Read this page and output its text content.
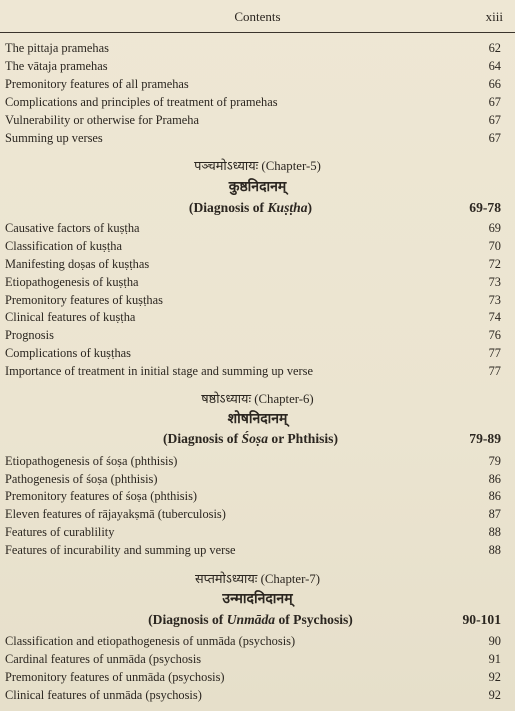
Contents	xiii
The pittaja pramehas	62
The vātaja pramehas	64
Premonitory features of all pramehas	66
Complications and principles of treatment of pramehas	67
Vulnerability or otherwise for Prameha	67
Summing up verses	67
पञ्चमोऽध्यायः (Chapter-5)
कुष्ठनिदानम्
(Diagnosis of Kuṣṭha)	69-78
Causative factors of kuṣṭha	69
Classification of kuṣṭha	70
Manifesting doṣas of kuṣṭhas	72
Etiopathogenesis of kuṣṭha	73
Premonitory features of kuṣṭhas	73
Clinical features of kuṣṭha	74
Prognosis	76
Complications of kuṣṭhas	77
Importance of treatment in initial stage and summing up verse	77
षष्ठोऽध्यायः (Chapter-6)
शोषनिदानम्
(Diagnosis of Śoṣa or Phthisis)	79-89
Etiopathogenesis of śoṣa (phthisis)	79
Pathogenesis of śoṣa (phthisis)	86
Premonitory features of śoṣa (phthisis)	86
Eleven features of rājayakṣmā (tuberculosis)	87
Features of curablility	88
Features of incurability and summing up verse	88
सप्तमोऽध्यायः (Chapter-7)
उन्मादनिदानम्
(Diagnosis of Unmāda of Psychosis)	90-101
Classification and etiopathogenesis of unmāda (psychosis)	90
Cardinal features of unmāda (psychosis	91
Premonitory features of unmāda (psychosis)	92
Clinical features of unmāda (psychosis)	92
